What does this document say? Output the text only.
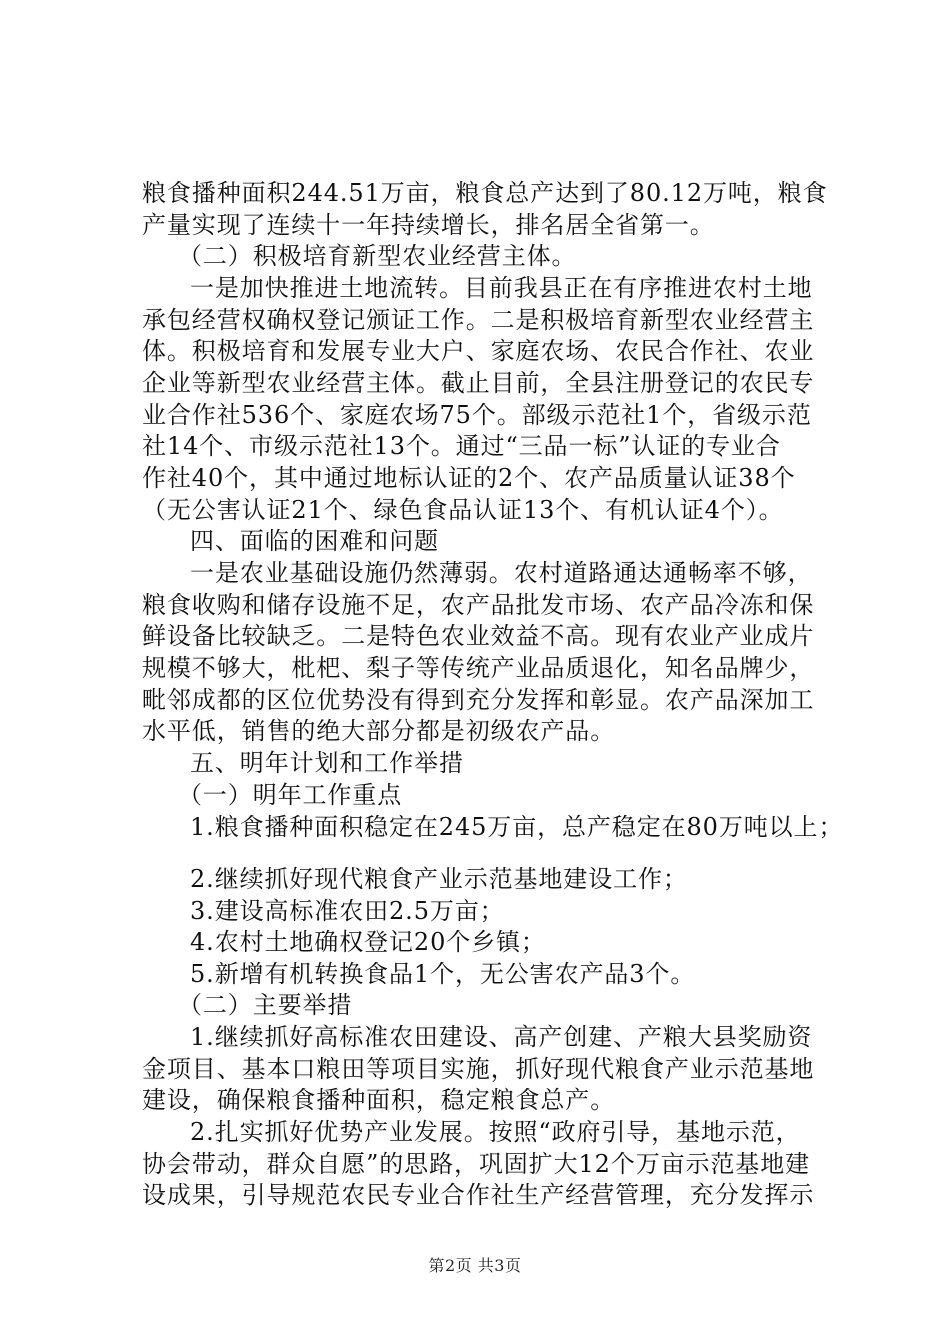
粮食播种面积244.51万亩，粮食总产达到了80.12万吨，粮食
产量实现了连续十一年持续增长，排名居全省第一。
（二）积极培育新型农业经营主体。
一是加快推进土地流转。目前我县正在有序推进农村土地
承包经营权确权登记颁证工作。二是积极培育新型农业经营主
体。积极培育和发展专业大户、家庭农场、农民合作社、农业
企业等新型农业经营主体。截止目前，全县注册登记的农民专
业合作社536个、家庭农场75个。部级示范社1个，省级示范
社14个、市级示范社13个。通过“三品一标”认证的专业合
作社40个，其中通过地标认证的2个、农产品质量认证38个
（无公害认证21个、绿色食品认证13个、有机认证4个）。
四、面临的困难和问题
一是农业基础设施仍然薄弱。农村道路通达通畅率不够，
粮食收购和储存设施不足，农产品批发市场、农产品冷冻和保
鲜设备比较缺乏。二是特色农业效益不高。现有农业产业成片
规模不够大，枇杷、梨子等传统产业品质退化，知名品牌少，
毗邻成都的区位优势没有得到充分发挥和彰显。农产品深加工
水平低，销售的绝大部分都是初级农产品。
五、明年计划和工作举措
（一）明年工作重点
1.粮食播种面积稳定在245万亩，总产稳定在80万吨以上；
2.继续抓好现代粮食产业示范基地建设工作；
3.建设高标准农田2.5万亩；
4.农村土地确权登记20个乡镇；
5.新增有机转换食品1个，无公害农产品3个。
（二）主要举措
1.继续抓好高标准农田建设、高产创建、产粮大县奖励资
金项目、基本口粮田等项目实施，抓好现代粮食产业示范基地
建设，确保粮食播种面积，稳定粮食总产。
2.扎实抓好优势产业发展。按照“政府引导，基地示范，
协会带动，群众自愿”的思路，巩固扩大12个万亩示范基地建
设成果，引导规范农民专业合作社生产经营管理，充分发挥示
第2页 共3页
